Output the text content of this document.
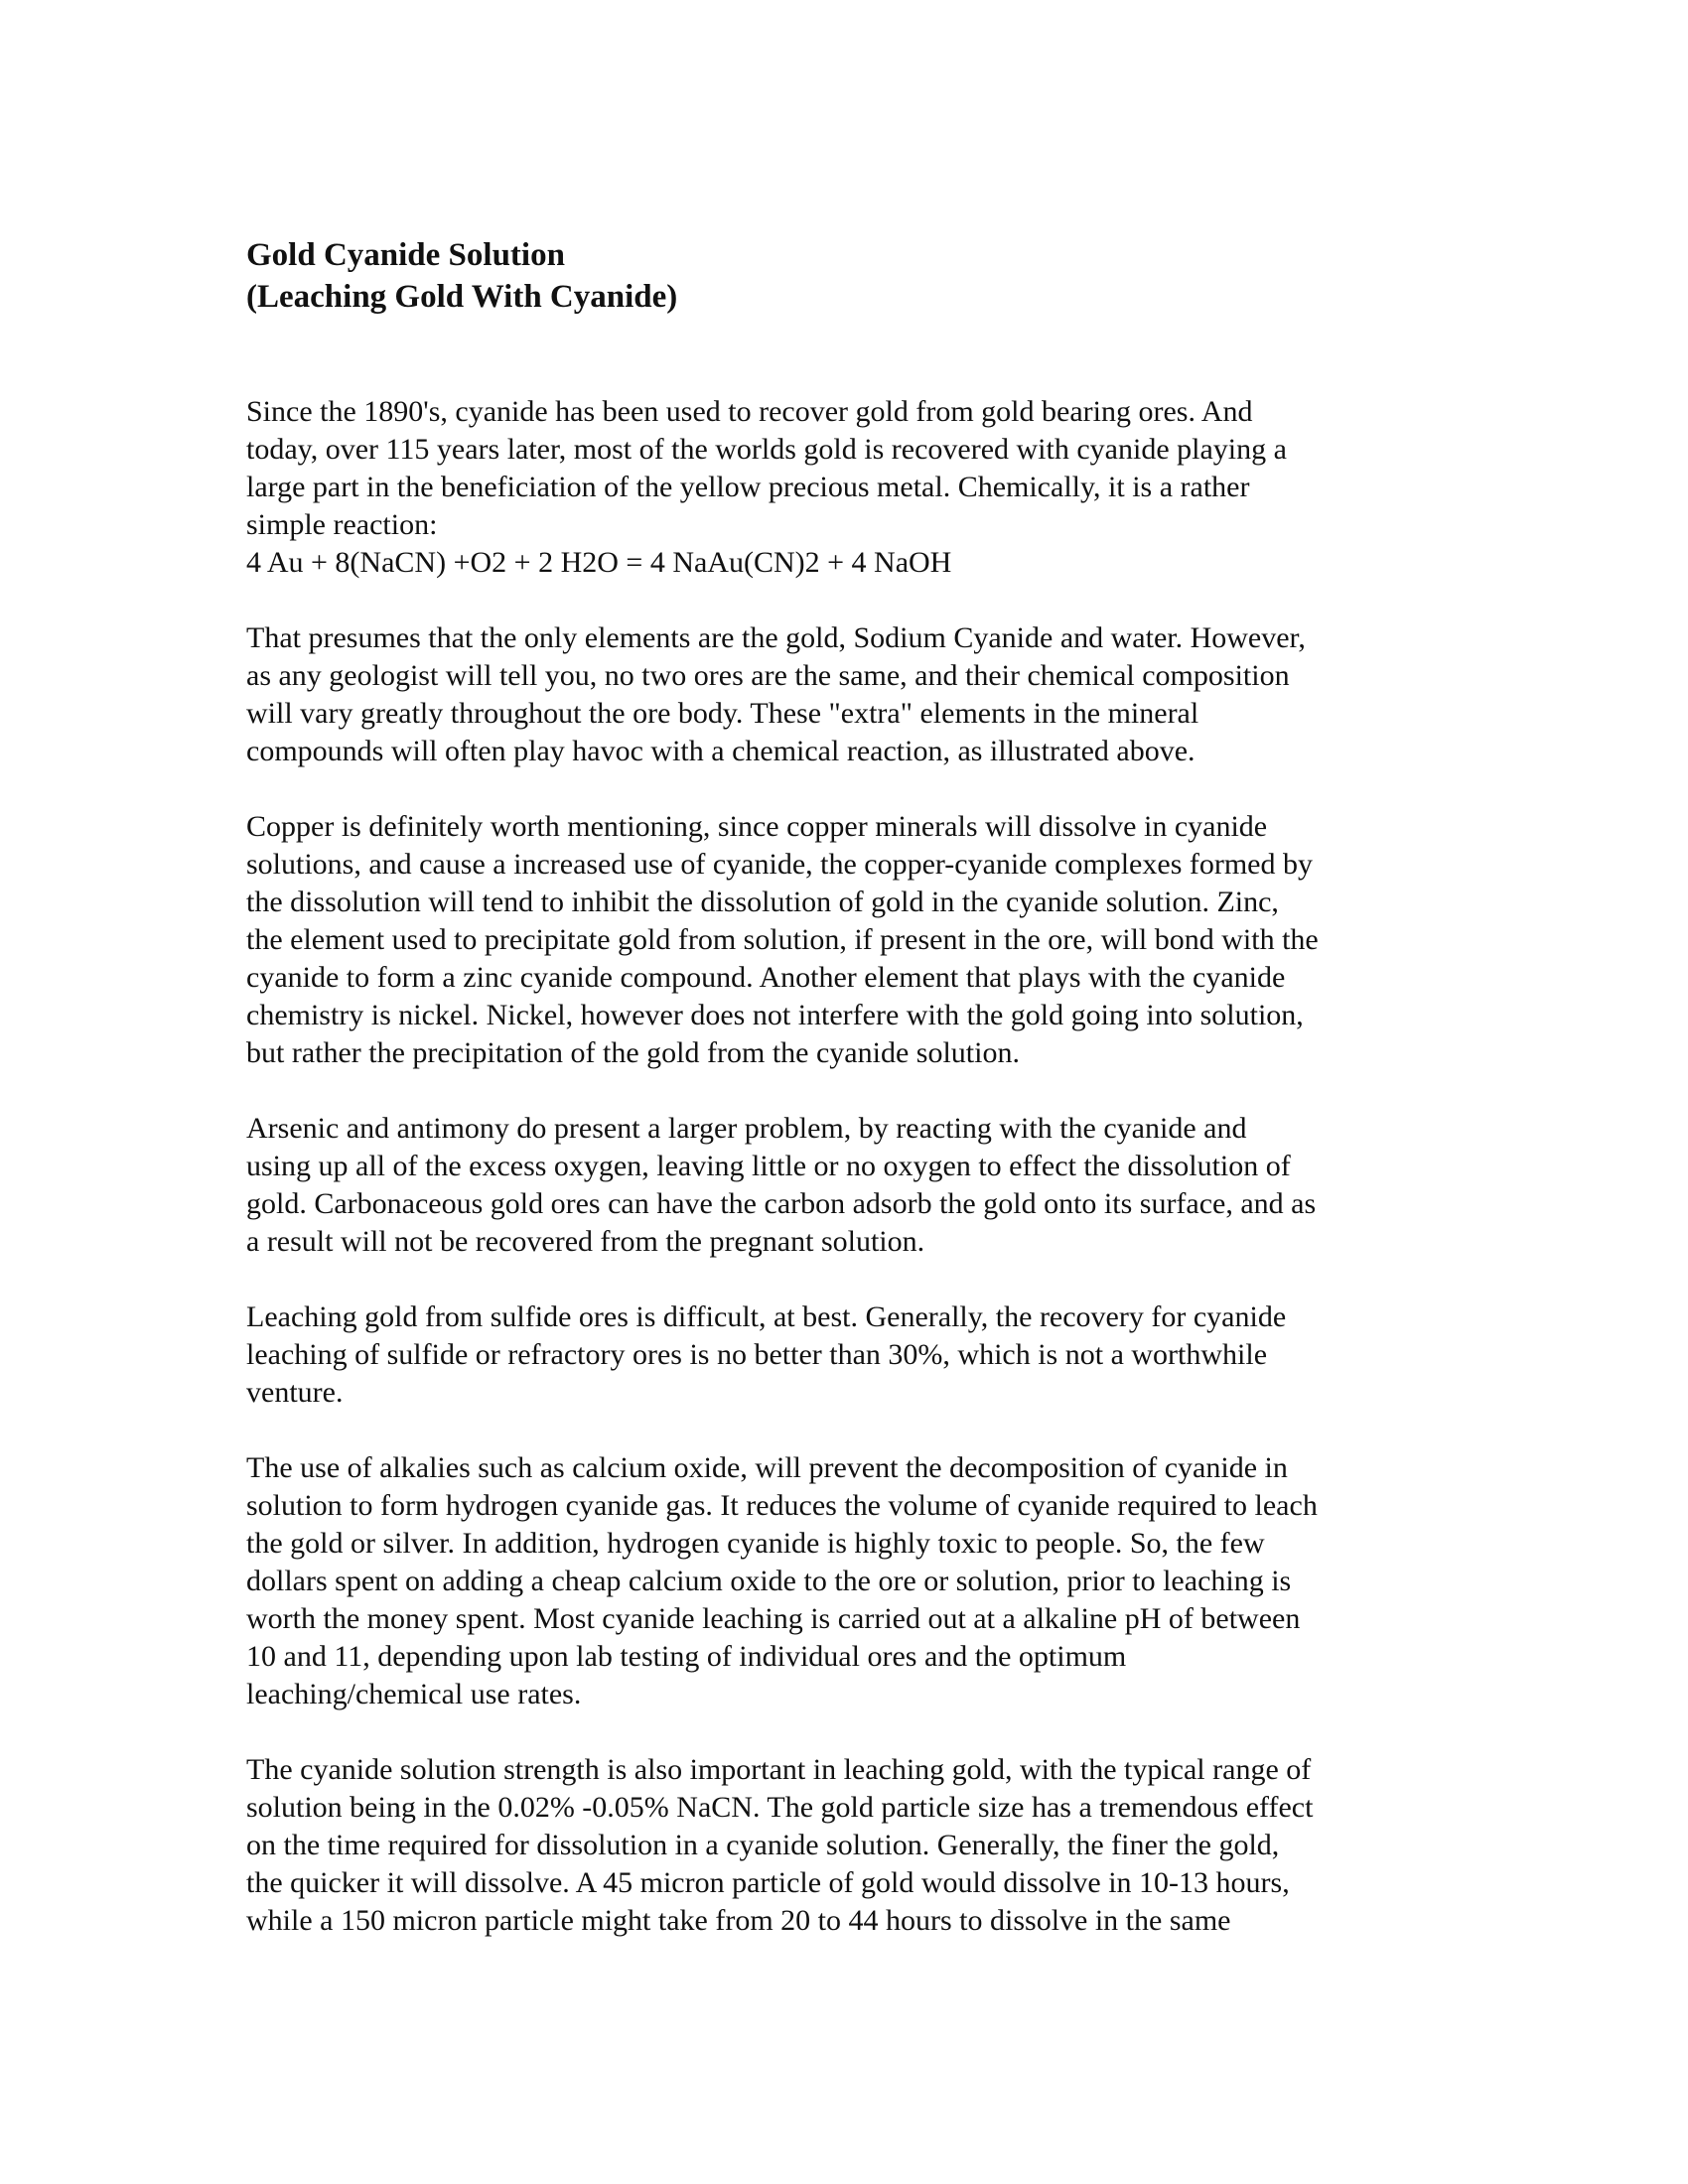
Gold Cyanide Solution
(Leaching Gold With Cyanide)

Since the 1890's, cyanide has been used to recover gold from gold bearing ores. And
today, over 115 years later, most of the worlds gold is recovered with cyanide playing a
large part in the beneficiation of the yellow precious metal. Chemically, it is a rather
simple reaction:
4 Au + 8(NaCN) +O2 + 2 H2O = 4 NaAu(CN)2 + 4 NaOH

That presumes that the only elements are the gold, Sodium Cyanide and water. However,
as any geologist will tell you, no two ores are the same, and their chemical composition
will vary greatly throughout the ore body. These "extra" elements in the mineral
compounds will often play havoc with a chemical reaction, as illustrated above.

Copper is definitely worth mentioning, since copper minerals will dissolve in cyanide
solutions, and cause a increased use of cyanide, the copper-cyanide complexes formed by
the dissolution will tend to inhibit the dissolution of gold in the cyanide solution. Zinc,
the element used to precipitate gold from solution, if present in the ore, will bond with the
cyanide to form a zinc cyanide compound. Another element that plays with the cyanide
chemistry is nickel. Nickel, however does not interfere with the gold going into solution,
but rather the precipitation of the gold from the cyanide solution.

Arsenic and antimony do present a larger problem, by reacting with the cyanide and
using up all of the excess oxygen, leaving little or no oxygen to effect the dissolution of
gold. Carbonaceous gold ores can have the carbon adsorb the gold onto its surface, and as
a result will not be recovered from the pregnant solution.

Leaching gold from sulfide ores is difficult, at best. Generally, the recovery for cyanide
leaching of sulfide or refractory ores is no better than 30%, which is not a worthwhile
venture.

The use of alkalies such as calcium oxide, will prevent the decomposition of cyanide in
solution to form hydrogen cyanide gas. It reduces the volume of cyanide required to leach
the gold or silver. In addition, hydrogen cyanide is highly toxic to people. So, the few
dollars spent on adding a cheap calcium oxide to the ore or solution, prior to leaching is
worth the money spent. Most cyanide leaching is carried out at a alkaline pH of between
10 and 11, depending upon lab testing of individual ores and the optimum
leaching/chemical use rates.

The cyanide solution strength is also important in leaching gold, with the typical range of
solution being in the 0.02% -0.05% NaCN. The gold particle size has a tremendous effect
on the time required for dissolution in a cyanide solution. Generally, the finer the gold,
the quicker it will dissolve. A 45 micron particle of gold would dissolve in 10-13 hours,
while a 150 micron particle might take from 20 to 44 hours to dissolve in the same
